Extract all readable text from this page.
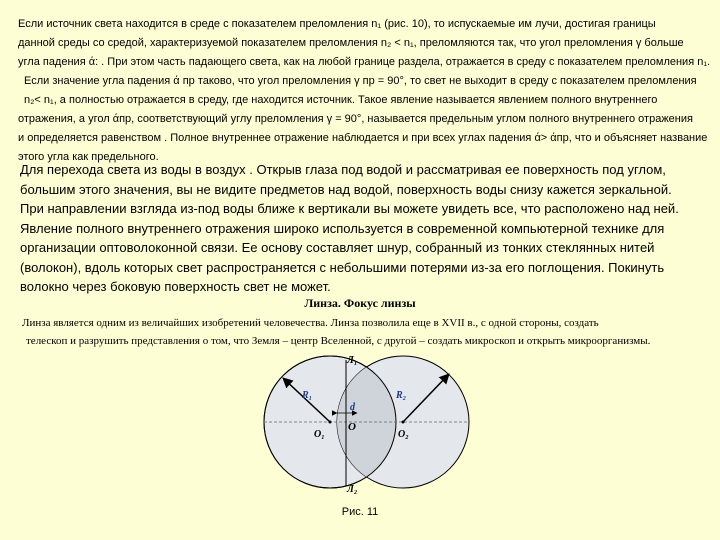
Если источник света находится в среде с показателем преломления n₁ (рис. 10), то испускаемые им лучи, достигая границы
данной среды со средой, характеризуемой показателем преломления n₂ < n₁, преломляются так, что угол преломления γ больше
угла падения ά: . При этом часть падающего света, как на любой границе раздела, отражается в среду с показателем преломления n₁.
Если значение угла падения ά пр таково, что угол преломления γ пр = 90°, то свет не выходит в среду с показателем преломления
n₂< n₁, а полностью отражается в среду, где находится источник. Такое явление называется явлением полного внутреннего
отражения, а угол άпр, соответствующий углу преломления γ = 90°, называется предельным углом полного внутреннего отражения
и определяется равенством . Полное внутреннее отражение наблюдается и при всех углах падения ά> άпр, что и объясняет название
этого угла как предельного.
Для перехода света из воды в воздух . Открыв глаза под водой и рассматривая ее поверхность под углом,
большим этого значения, вы не видите предметов над водой, поверхность воды снизу кажется зеркальной.
При направлении взгляда из-под воды ближе к вертикали вы можете увидеть все, что расположено над ней.
Явление полного внутреннего отражения широко используется в современной компьютерной технике для
организации оптоволоконной связи. Ее основу составляет шнур, собранный из тонких стеклянных нитей
(волокон), вдоль которых свет распространяется с небольшими потерями из-за его поглощения. Покинуть
волокно через боковую поверхность свет не может.
Линза. Фокус линзы
Линза является одним из величайших изобретений человечества. Линза позволила еще в XVII в., с одной стороны, создать
телескоп и разрушить представления о том, что Земля – центр Вселенной, с другой – создать микроскоп и открыть микроорганизмы.
Л₁
Л₂
R₁	R₂
d
O₁
O
O₂
Рис. 11
